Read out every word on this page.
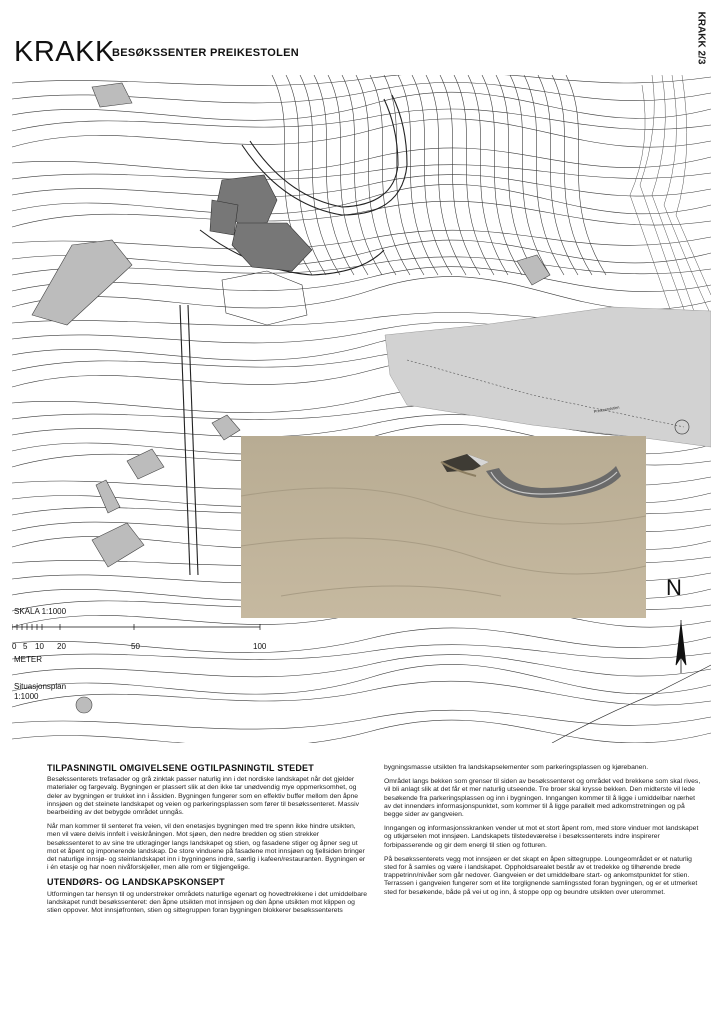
KRAKK
BESØKSSENTER PREIKESTOLEN	KRAKK 2/3
Preikestolstien
SKALA 1:1000
0 5 10 20	50	100
METER
Situasjonsplan
1:1000
N
TILPASNINGTIL OMGIVELSENE OGTILPASNINGTIL STEDET

Besøkssenterets trefasader og grå zinktak passer naturlig inn i det nordiske landskapet når det gjelder materialer og fargevalg. Bygningen er plassert slik at den ikke tar unødvendig mye oppmerksomhet, og deler av bygningen er trukket inn i åssiden. Bygningen fungerer som en effektiv buffer mellom den åpne innsjøen og det steinete landskapet og veien og parkeringsplassen som fører til besøkssenteret. Massiv bearbeiding av det bebygde området unngås.

Når man kommer til senteret fra veien, vil den enetasjes bygningen med tre spenn ikke hindre utsikten, men vil være delvis innfelt i veiskråningen. Mot sjøen, den nedre bredden og stien strekker besøkssenteret to av sine tre utkraginger langs landskapet og stien, og fasadene stiger og åpner seg ut mot et åpent og imponerende landskap. De store vinduene på fasadene mot innsjøen og fjellsiden bringer det naturlige innsjø- og steinlandskapet inn i bygningens indre, særlig i kafeen/restauranten. Bygningen er i én etasje og har noen nivåforskjeller, men alle rom er tilgjengelige.

UTENDØRS- OG LANDSKAPSKONSEPT

Utformingen tar hensyn til og understreker områdets naturlige egenart og hovedtrekkene i det umiddelbare landskapet rundt besøkssenteret: den åpne utsikten mot innsjøen og den åpne utsikten mot klippen og stien oppover. Mot innsjøfronten, stien og sittegruppen foran bygningen blokkerer besøkssenterets

bygningsmasse utsikten fra landskapselementer som parkeringsplassen og kjørebanen.

Området langs bekken som grenser til siden av besøkssenteret og området ved brekkene som skal rives, vil bli anlagt slik at det får et mer naturlig utseende. Tre broer skal krysse bekken. Den midterste vil lede besøkende fra parkeringsplassen og inn i bygningen. Inngangen kommer til å ligge i umiddelbar nærhet av det innendørs informasjonspunktet, som kommer til å ligge parallelt med adkomstretningen og på begge sider av gangveien.

Inngangen og informasjonsskranken vender ut mot et stort åpent rom, med store vinduer mot landskapet og utkjørselen mot innsjøen. Landskapets tilstedeværelse i besøkssenterets indre inspirerer forbipasserende og gir dem energi til stien og fotturen.

På besøkssenterets vegg mot innsjøen er det skapt en åpen sittegruppe. Loungeområdet er et naturlig sted for å samles og være i landskapet. Oppholdsarealet består av et tredekke og tilhørende brede trappetrinn/nivåer som går nedover. Gangveien er det umiddelbare start- og ankomstpunktet for stien. Terrassen i gangveien fungerer som et lite torglignende samlingssted foran bygningen, og er et utmerket sted for besøkende, både på vei ut og inn, å stoppe opp og beundre utsikten over uterommet.
